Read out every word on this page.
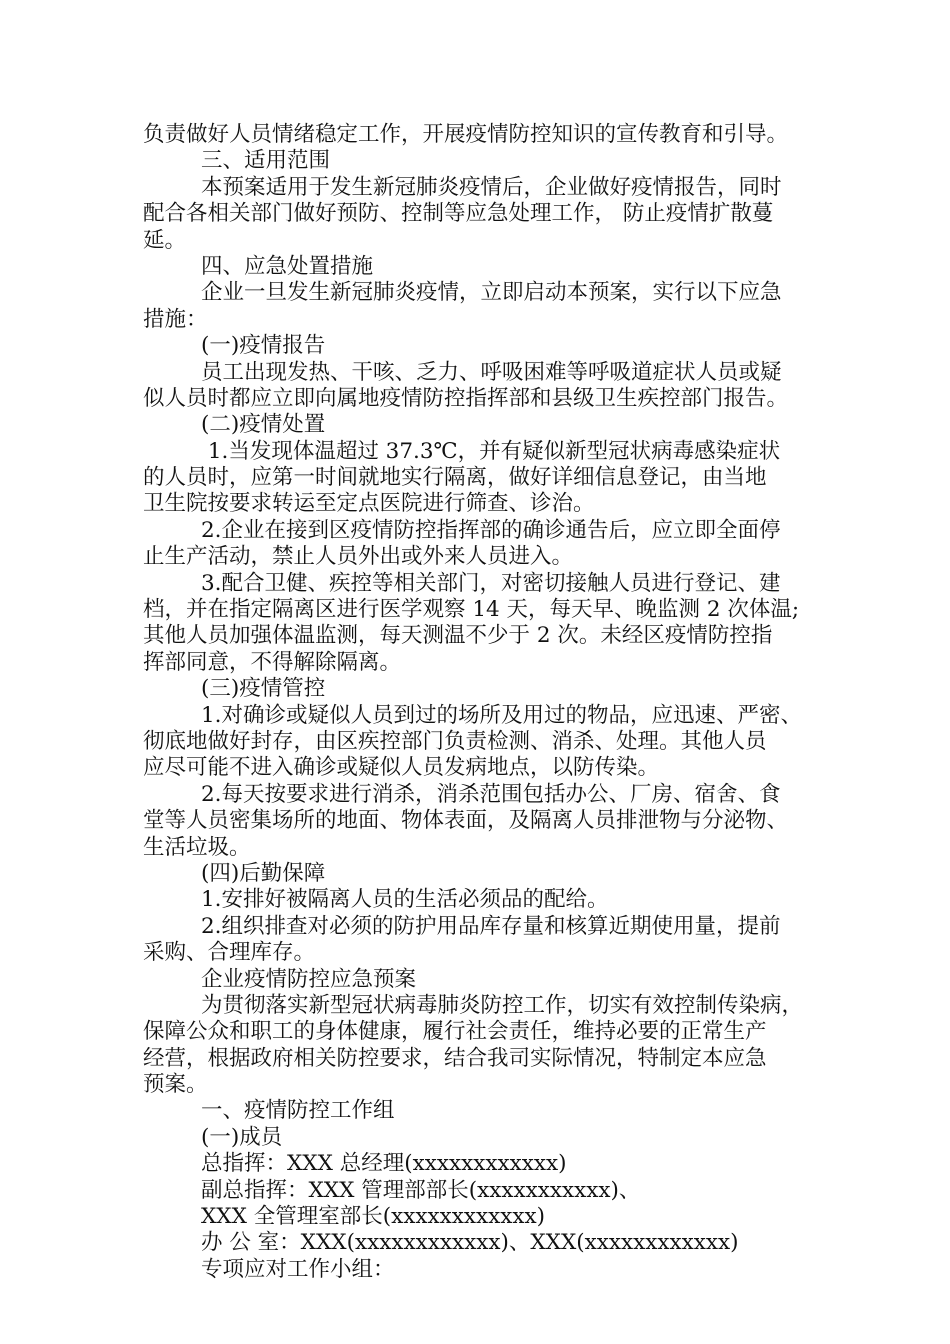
负责做好人员情绪稳定工作，开展疫情防控知识的宣传教育和引导。
三、适用范围
本预案适用于发生新冠肺炎疫情后，企业做好疫情报告，同时
配合各相关部门做好预防、控制等应急处理工作， 防止疫情扩散蔓
延。
四、应急处置措施
企业一旦发生新冠肺炎疫情，立即启动本预案，实行以下应急
措施：
(一)疫情报告
员工出现发热、干咳、乏力、呼吸困难等呼吸道症状人员或疑
似人员时都应立即向属地疫情防控指挥部和县级卫生疾控部门报告。
(二)疫情处置
1.当发现体温超过 37.3℃，并有疑似新型冠状病毒感染症状
的人员时，应第一时间就地实行隔离，做好详细信息登记，由当地
卫生院按要求转运至定点医院进行筛查、诊治。
2.企业在接到区疫情防控指挥部的确诊通告后，应立即全面停
止生产活动，禁止人员外出或外来人员进入。
3.配合卫健、疾控等相关部门，对密切接触人员进行登记、建
档，并在指定隔离区进行医学观察 14 天，每天早、晚监测 2 次体温;
其他人员加强体温监测，每天测温不少于 2 次。未经区疫情防控指
挥部同意，不得解除隔离。
(三)疫情管控
1.对确诊或疑似人员到过的场所及用过的物品，应迅速、严密、
彻底地做好封存，由区疾控部门负责检测、消杀、处理。其他人员
应尽可能不进入确诊或疑似人员发病地点，以防传染。
2.每天按要求进行消杀，消杀范围包括办公、厂房、宿舍、食
堂等人员密集场所的地面、物体表面，及隔离人员排泄物与分泌物、
生活垃圾。
(四)后勤保障
1.安排好被隔离人员的生活必须品的配给。
2.组织排查对必须的防护用品库存量和核算近期使用量，提前
采购、合理库存。
企业疫情防控应急预案
为贯彻落实新型冠状病毒肺炎防控工作，切实有效控制传染病，
保障公众和职工的身体健康，履行社会责任，维持必要的正常生产
经营，根据政府相关防控要求，结合我司实际情况，特制定本应急
预案。
一、疫情防控工作组
(一)成员
总指挥：XXX 总经理(xxxxxxxxxxxx)
副总指挥：XXX 管理部部长(xxxxxxxxxxx)、
XXX 全管理室部长(xxxxxxxxxxxx)
办 公 室：XXX(xxxxxxxxxxxx)、XXX(xxxxxxxxxxxx)
专项应对工作小组：
